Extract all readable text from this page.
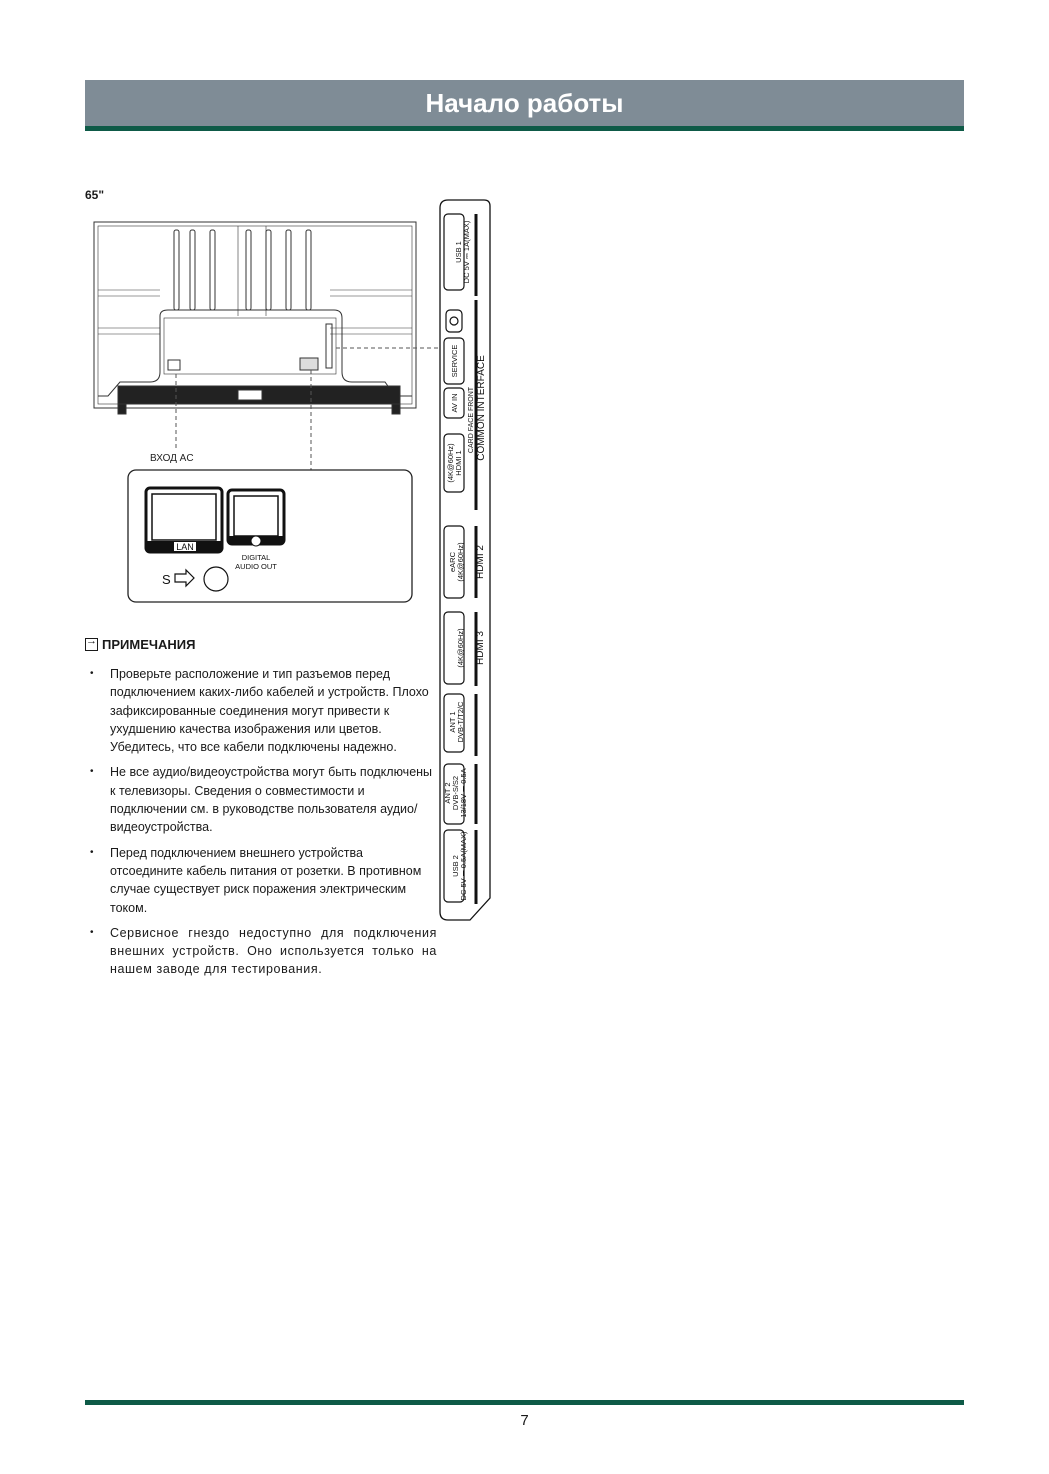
Начало работы
65"
ВХОД AC
LAN
DIGITAL
AUDIO OUT
S
USB 1 DC 5V ⎓ 1A(MAX)
SERVICE
AV IN
(4K@60Hz) HDMI 1
eARC (4K@60Hz) HDMI 2
(4K@60Hz) HDMI 3
ANT 1 DVB-T/T2/C
ANT 2 DVB-S/S2 13/18V ⎓ 0.5A
USB 2 DC 5V ⎓ 0.5A(MAX)
CARD FACE FRONT COMMON INTERFACE
→
ПРИМЕЧАНИЯ
• Проверьте расположение и тип разъемов перед подключением каких-либо кабелей и устройств. Плохо зафиксированные соединения могут привести к ухудшению качества изображения или цветов. Убедитесь, что все кабели подключены надежно.
• Не все аудио/видеоустройства могут быть подключены к телевизоры. Сведения о совместимости и подключении см. в руководстве пользователя аудио/видеоустройства.
• Перед подключением внешнего устройства отсоедините кабель питания от розетки. В противном случае существует риск поражения электрическим током.
• Сервисное гнездо недоступно для подключения внешних устройств. Оно используется только на нашем заводе для тестирования.
7
